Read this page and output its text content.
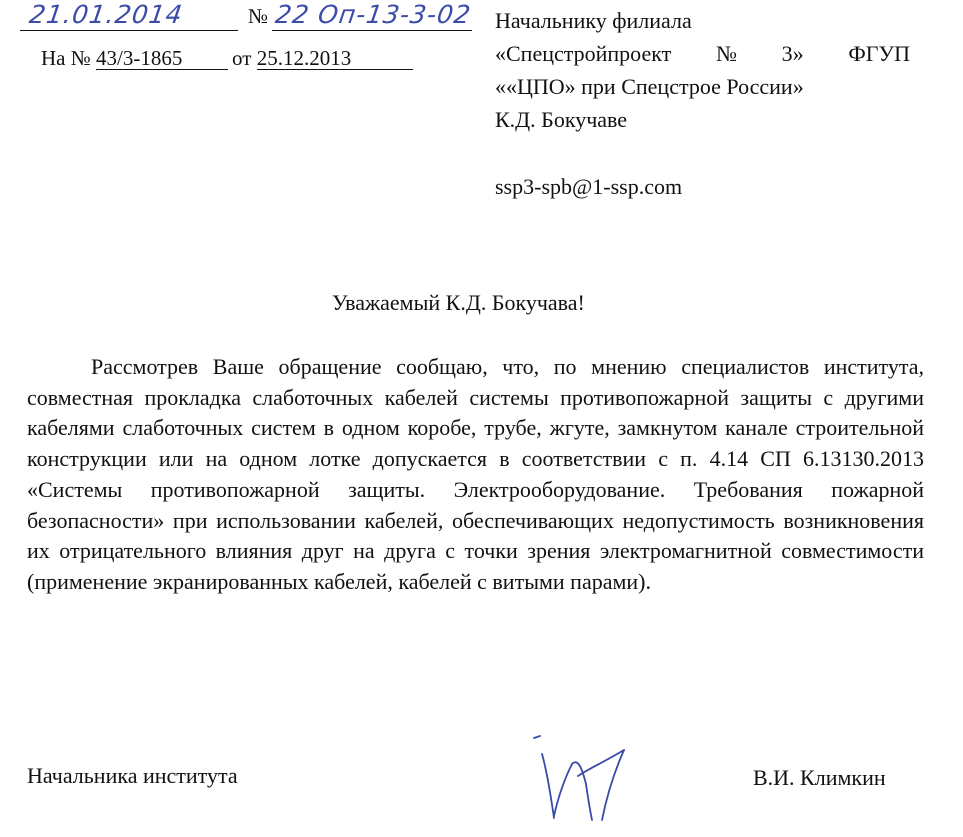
21.01.2014	№ 22 Оп-13-3-02
На № 43/3-1865 от 25.12.2013
Начальнику филиала
«Спецстройпроект № 3» ФГУП
««ЦПО» при Спецстрое России»
К.Д. Бокучаве
ssp3-spb@1-ssp.com
Уважаемый К.Д. Бокучава!

Рассмотрев Ваше обращение сообщаю, что, по мнению специалистов института, совместная прокладка слаботочных кабелей системы противопожарной защиты с другими кабелями слаботочных систем в одном коробе, трубе, жгуте, замкнутом канале строительной конструкции или на одном лотке допускается в соответствии с п. 4.14 СП 6.13130.2013 «Системы противопожарной защиты. Электрооборудование. Требования пожарной безопасности» при использовании кабелей, обеспечивающих недопустимость возникновения их отрицательного влияния друг на друга с точки зрения электромагнитной совместимости (применение экранированных кабелей, кабелей с витыми парами).

Начальника института	В.И. Климкин
